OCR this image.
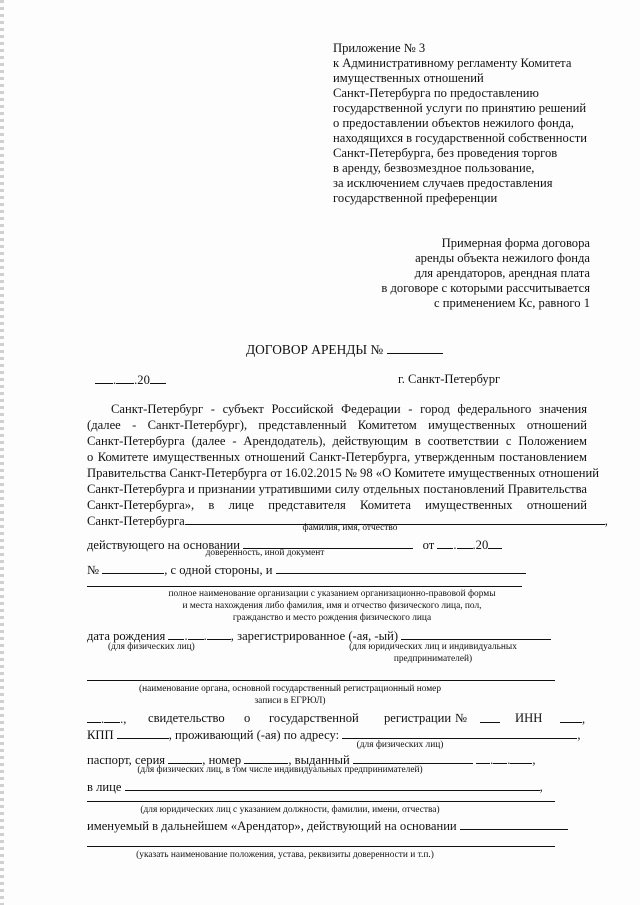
Приложение № 3
к Административному регламенту Комитета
имущественных отношений
Санкт-Петербурга по предоставлению
государственной услуги по принятию решений
о предоставлении объектов нежилого фонда,
находящихся в государственной собственности
Санкт-Петербурга, без проведения торгов
в аренду, безвозмездное пользование,
за исключением случаев предоставления
государственной преференции
Примерная форма договора
аренды объекта нежилого фонда
для арендаторов, арендная плата
в договоре с которыми рассчитывается
с применением Кс, равного 1
ДОГОВОР АРЕНДЫ №
. .20	г. Санкт-Петербург
Санкт-Петербург - субъект Российской Федерации - город федерального значения
(далее - Санкт-Петербург), представленный Комитетом имущественных отношений
Санкт-Петербурга (далее - Арендодатель), действующим в соответствии с Положением
о Комитете имущественных отношений Санкт-Петербурга, утвержденным постановлением
Правительства Санкт-Петербурга от 16.02.2015 № 98 «О Комитете имущественных отношений
Санкт-Петербурга и признании утратившими силу отдельных постановлений Правительства
Санкт-Петербурга», в лице представителя Комитета имущественных отношений
Санкт-Петербурга	,
фамилия, имя, отчество
действующего на основании	от . .20
доверенность, иной документ
№	, с одной стороны, и
полное наименование организации с указанием организационно-правовой формы
и места нахождения либо фамилия, имя и отчество физического лица, пол,
гражданство и место рождения физического лица
дата рождения . . , зарегистрированное (-ая, -ый)
(для физических лиц)	(для юридических лиц и индивидуальных
предпринимателей)
(наименование органа, основной государственный регистрационный номер
записи в ЕГРЮЛ)
. ., свидетельство о государственной регистрации №	ИНН	,
КПП	, проживающий (-ая) по адресу:	,
(для физических лиц)
паспорт, серия	, номер	, выданный	. . ,
(для физических лиц, в том числе индивидуальных предпринимателей)
в лице	,
(для юридических лиц с указанием должности, фамилии, имени, отчества)
именуемый в дальнейшем «Арендатор», действующий на основании
(указать наименование положения, устава, реквизиты доверенности и т.п.)
